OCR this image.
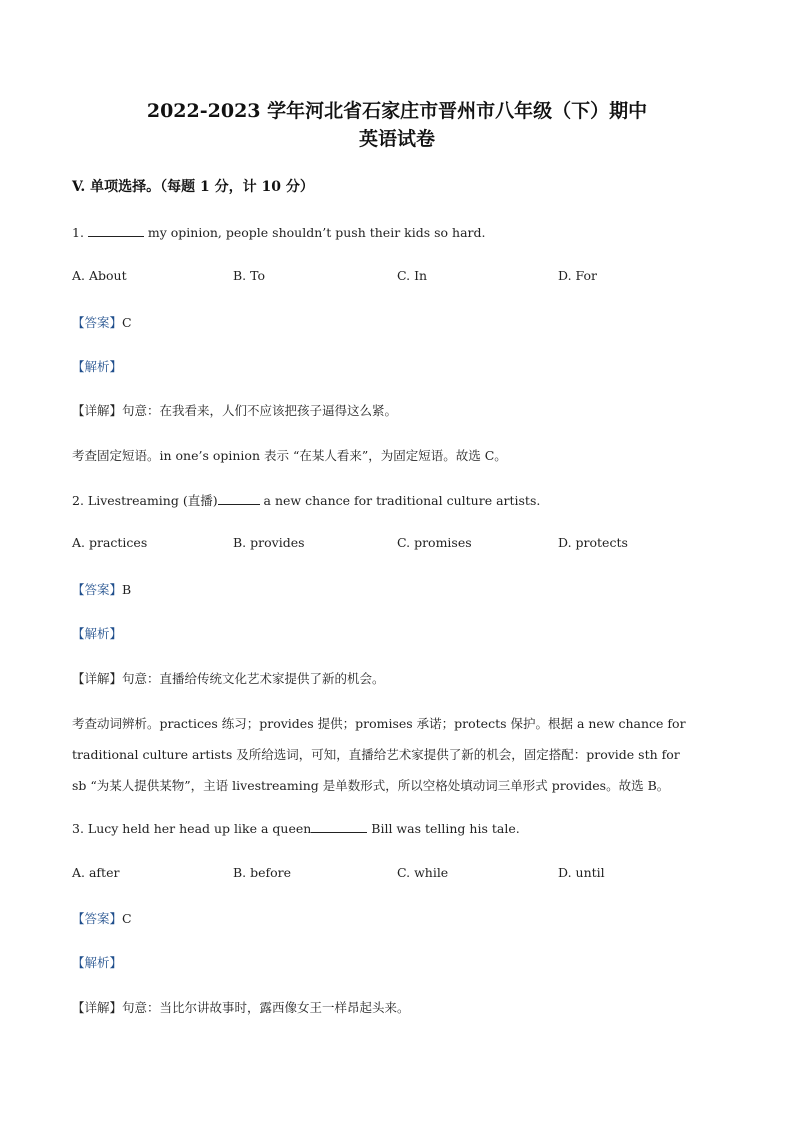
2022-2023 学年河北省石家庄市晋州市八年级（下）期中
英语试卷
V. 单项选择。（每题 1 分，计 10 分）
1.	my opinion, people shouldn’t push their kids so hard.
A. About	B. To	C. In	D. For
【答案】C
【解析】
【详解】句意：在我看来，人们不应该把孩子逼得这么紧。
考查固定短语。in one’s opinion 表示 “在某人看来”，为固定短语。故选 C。
2. Livestreaming (直播)	a new chance for traditional culture artists.
A. practices	B. provides	C. promises	D. protects
【答案】B
【解析】
【详解】句意：直播给传统文化艺术家提供了新的机会。
考查动词辨析。practices 练习；provides 提供；promises 承诺；protects 保护。根据 a new chance for
traditional culture artists 及所给选词，可知，直播给艺术家提供了新的机会，固定搭配：provide sth for
sb “为某人提供某物”，主语 livestreaming 是单数形式，所以空格处填动词三单形式 provides。故选 B。
3. Lucy held her head up like a queen	Bill was telling his tale.
A. after	B. before	C. while	D. until
【答案】C
【解析】
【详解】句意：当比尔讲故事时，露西像女王一样昂起头来。
